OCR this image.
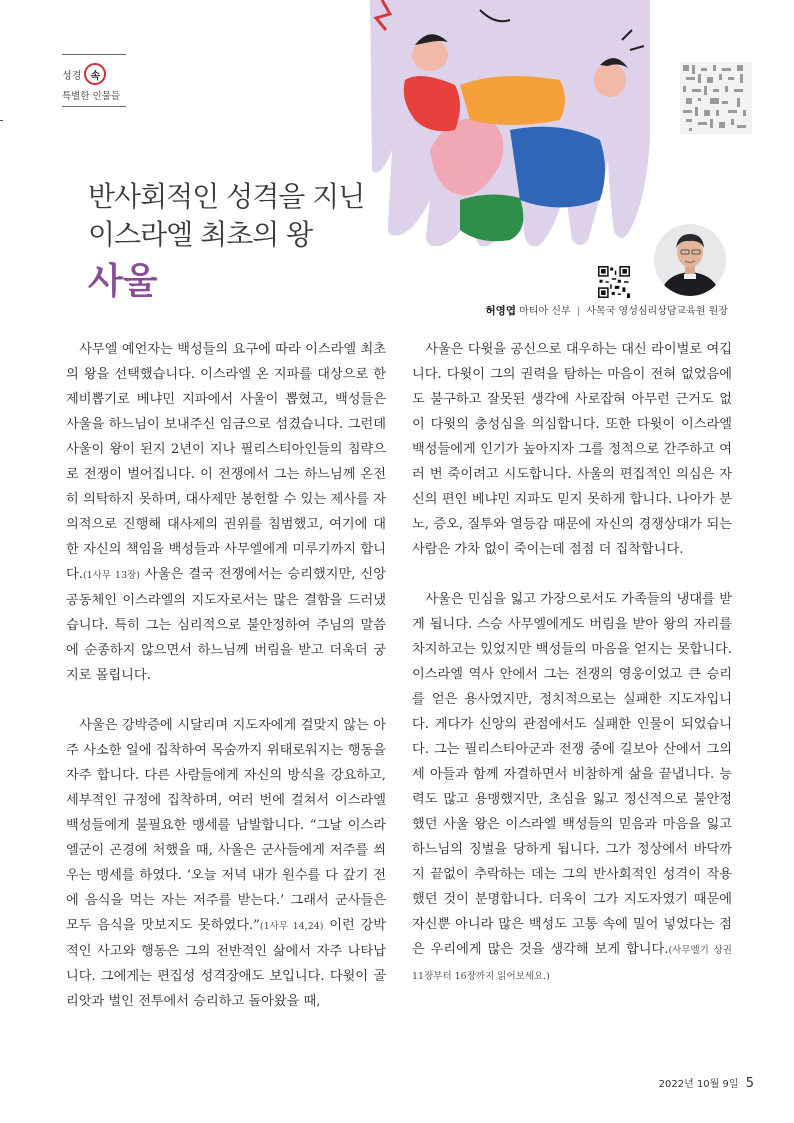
성경 속
특별한 인물들
반사회적인 성격을 지닌
이스라엘 최초의 왕
사울
허영엽 마티아 신부 | 사목국 영성심리상담교육원 원장

사무엘 예언자는 백성들의 요구에 따라 이스라엘 최초의 왕을 선택했습니다. 이스라엘 온 지파를 대상으로 한 제비뽑기로 베냐민 지파에서 사울이 뽑혔고, 백성들은 사울을 하느님이 보내주신 임금으로 섬겼습니다. 그런데 사울이 왕이 된지 2년이 지나 필리스티아인들의 침략으로 전쟁이 벌어집니다. 이 전쟁에서 그는 하느님께 온전히 의탁하지 못하며, 대사제만 봉헌할 수 있는 제사를 자의적으로 진행해 대사제의 권위를 침범했고, 여기에 대한 자신의 책임을 백성들과 사무엘에게 미루기까지 합니다.(1사무 13장) 사울은 결국 전쟁에서는 승리했지만, 신앙 공동체인 이스라엘의 지도자로서는 많은 결함을 드러냈습니다. 특히 그는 심리적으로 불안정하여 주님의 말씀에 순종하지 않으면서 하느님께 버림을 받고 더욱더 궁지로 몰립니다.

사울은 강박증에 시달리며 지도자에게 걸맞지 않는 아주 사소한 일에 집착하여 목숨까지 위태로워지는 행동을 자주 합니다. 다른 사람들에게 자신의 방식을 강요하고, 세부적인 규정에 집착하며, 여러 번에 걸쳐서 이스라엘 백성들에게 불필요한 맹세를 남발합니다. “그날 이스라엘군이 곤경에 처했을 때, 사울은 군사들에게 저주를 씌우는 맹세를 하였다. ‘오늘 저녁 내가 원수를 다 갚기 전에 음식을 먹는 자는 저주를 받는다.’ 그래서 군사들은 모두 음식을 맛보지도 못하였다.”(1사무 14,24) 이런 강박적인 사고와 행동은 그의 전반적인 삶에서 자주 나타납니다. 그에게는 편집성 성격장애도 보입니다. 다윗이 골리앗과 벌인 전투에서 승리하고 돌아왔을 때,

사울은 다윗을 공신으로 대우하는 대신 라이벌로 여깁니다. 다윗이 그의 권력을 탐하는 마음이 전혀 없었음에도 불구하고 잘못된 생각에 사로잡혀 아무런 근거도 없이 다윗의 충성심을 의심합니다. 또한 다윗이 이스라엘 백성들에게 인기가 높아지자 그를 정적으로 간주하고 여러 번 죽이려고 시도합니다. 사울의 편집적인 의심은 자신의 편인 베냐민 지파도 믿지 못하게 합니다. 나아가 분노, 증오, 질투와 열등감 때문에 자신의 경쟁상대가 되는 사람은 가차 없이 죽이는데 점점 더 집착합니다.

사울은 민심을 잃고 가장으로서도 가족들의 냉대를 받게 됩니다. 스승 사무엘에게도 버림을 받아 왕의 자리를 차지하고는 있었지만 백성들의 마음을 얻지는 못합니다. 이스라엘 역사 안에서 그는 전쟁의 영웅이었고 큰 승리를 얻은 용사였지만, 정치적으로는 실패한 지도자입니다. 게다가 신앙의 관점에서도 실패한 인물이 되었습니다. 그는 필리스티아군과 전쟁 중에 길보아 산에서 그의 세 아들과 함께 자결하면서 비참하게 삶을 끝냅니다. 능력도 많고 용맹했지만, 초심을 잃고 정신적으로 불안정했던 사울 왕은 이스라엘 백성들의 믿음과 마음을 잃고 하느님의 징벌을 당하게 됩니다. 그가 정상에서 바닥까지 끝없이 추락하는 데는 그의 반사회적인 성격이 작용했던 것이 분명합니다. 더욱이 그가 지도자였기 때문에 자신뿐 아니라 많은 백성도 고통 속에 밀어 넣었다는 점은 우리에게 많은 것을 생각해 보게 합니다.(사무엘기 상권 11장부터 16장까지 읽어보세요.)

2022년 10월 9일 5
